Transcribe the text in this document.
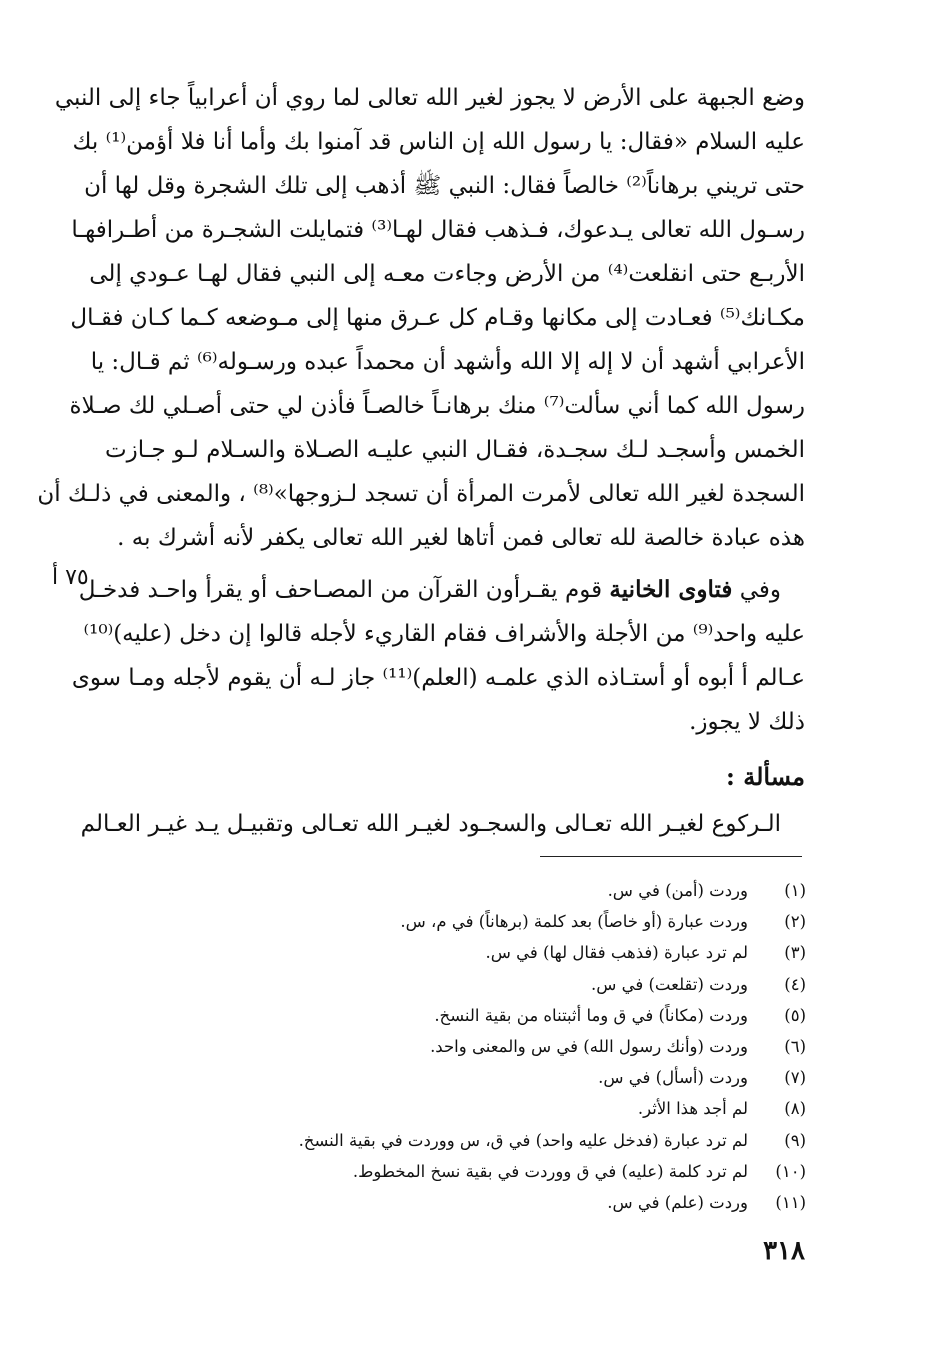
وضع الجبهة على الأرض لا يجوز لغير الله تعالى لما روي أن أعرابياً جاء إلى النبي
عليه السلام «فقال: يا رسول الله إن الناس قد آمنوا بك وأما أنا فلا أؤمن⁽¹⁾ بك
حتى تريني برهاناً⁽²⁾ خالصاً فقال: النبي ﷺ أذهب إلى تلك الشجرة وقل لها أن
رسـول الله تعالى يـدعوك، فـذهب فقال لهـا⁽³⁾ فتمايلت الشجـرة من أطـرافهـا
الأربـع حتى انقلعت⁽⁴⁾ من الأرض وجاءت معـه إلى النبي فقال لهـا عـودي إلى
مكـانك⁽⁵⁾ فعـادت إلى مكانها وقـام كل عـرق منها إلى مـوضعه كـما كـان فقـال
الأعرابي أشهد أن لا إله إلا الله وأشهد أن محمداً عبده ورسـوله⁽⁶⁾ ثم قـال: يا
رسول الله كما أني سألت⁽⁷⁾ منك برهانـاً خالصـاً فأذن لي حتى أصـلي لك صـلاة
الخمس وأسجـد لـك سجـدة، فقـال النبي عليـه الصـلاة والسـلام لـو جـازت
السجدة لغير الله تعالى لأمرت المرأة أن تسجد لـزوجها»⁽⁸⁾ ، والمعنى في ذلـك أن
هذه عبادة خالصة لله تعالى فمن أتاها لغير الله تعالى يكفر لأنه أشرك به .
وفي فتاوى الخانية قوم يقـرأون القرآن من المصـاحف أو يقرأ واحـد فدخـل
عليه واحد⁽⁹⁾ من الأجلة والأشراف فقام القاريء لأجله قالوا إن دخل (عليه)⁽¹⁰⁾
عـالم أ أبوه أو أستـاذه الذي علمـه (العلم)⁽¹¹⁾ جاز لـه أن يقوم لأجله ومـا سوى
ذلك لا يجوز.
مسألة :
الـركوع لغيـر الله تعـالى والسجـود لغيـر الله تعـالى وتقبيـل يـد غيـر العـالم
٧٥ أ
(١)
وردت (أمن) في س.
(٢)
وردت عبارة (أو خاصاً) بعد كلمة (برهاناً) في م، س.
(٣)
لم ترد عبارة (فذهب فقال لها) في س.
(٤)
وردت (تقلعت) في س.
(٥)
وردت (مكاناً) في ق وما أثبتناه من بقية النسخ.
(٦)
وردت (وأنك رسول الله) في س والمعنى واحد.
(٧)
وردت (أسأل) في س.
(٨)
لم أجد هذا الأثر.
(٩)
لم ترد عبارة (فدخل عليه واحد) في ق، س ووردت في بقية النسخ.
(١٠)
لم ترد كلمة (عليه) في ق ووردت في بقية نسخ المخطوط.
(١١)
وردت (علم) في س.
٣١٨
